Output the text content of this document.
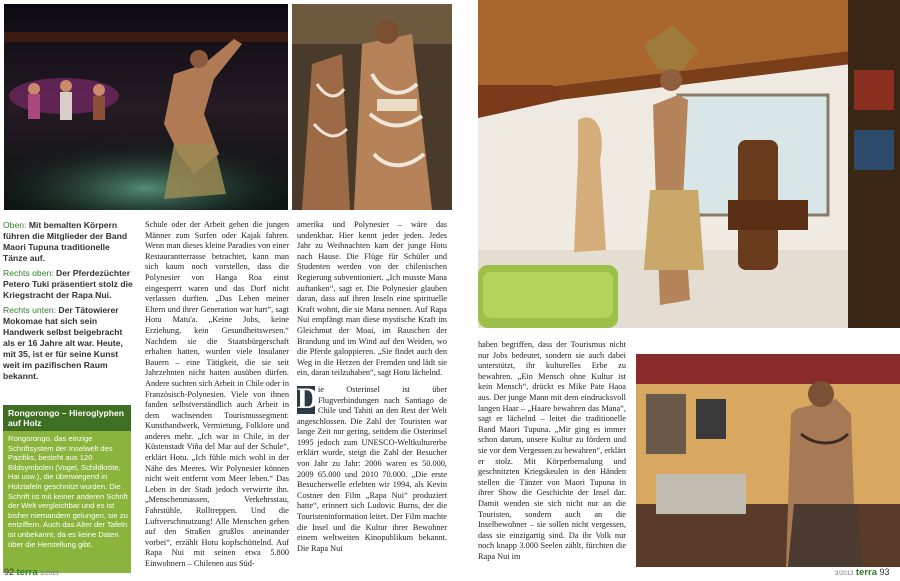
Oben: Mit bemalten Körpern führen die Mitglieder der Band Maori Tupuna traditionelle Tänze auf.

Rechts oben: Der Pferdezüchter Petero Tuki präsentiert stolz die Kriegstracht der Rapa Nui.

Rechts unten: Der Tätowierer Mokomae hat sich sein Handwerk selbst beigebracht als er 16 Jahre alt war. Heute, mit 35, ist er für seine Kunst weit im pazifischen Raum bekannt.

Rongorongo – Hieroglyphen auf Holz

Rongorongo, das einzige Schriftsystem der Inselwelt des Pazifiks, besteht aus 120 Bildsymbolen (Vogel, Schildkröte, Hai usw.), die überwiegend in Holztafeln geschnitzt wurden. Die Schrift ist mit keiner anderen Schrift der Welt vergleichbar und es ist bisher niemandem gelungen, sie zu entziffern. Auch das Alter der Tafeln ist unbekannt, da es keine Daten über die Herstellung gibt.

Schule oder der Arbeit gehen die jungen Männer zum Surfen oder Kajak fahren. Wenn man dieses kleine Paradies von einer Restaurantterrasse betrachtet, kann man sich kaum noch vorstellen, dass die Polynesier von Hanga Roa einst eingesperrt waren und das Dorf nicht verlassen durften. „Das Leben meiner Eltern und ihrer Generation war hart“, sagt Hotu Matu'a. „Keine Jobs, keine Erziehung, kein Gesundheitswesen.“ Nachdem sie die Staatsbürgerschaft erhalten hatten, wurden viele Insulaner Bauern – eine Tätigkeit, die sie seit Jahrzehnten nicht hatten ausüben dürfen. Andere suchten sich Arbeit in Chile oder in Französisch-Polynesien. Viele von ihnen fanden selbstverständlich auch Arbeit in dem wachsenden Tourismussegment: Kunsthandwerk, Vermietung, Folklore und anderes mehr. „Ich war in Chile, in der Küstenstadt Viña del Mar auf der Schule“, erklärt Hotu. „Ich fühle mich wohl in der Nähe des Meeres. Wir Polynesier können nicht weit entfernt vom Meer leben.“ Das Leben in der Stadt jedoch verwirrte ihn. „Menschenmassen, Verkehrsstau, Fahrstühle, Rolltreppen. Und die Luftverschmutzung! Alle Menschen gehen auf den Straßen grußlos aneinander vorbei“, erzählt Hotu kopfschüttelnd. Auf Rapa Nui mit seinen etwa 5.800 Einwohnern – Chilenen aus Süd-

amerika und Polynesier – wäre das undenkbar. Hier kennt jeder jeden. Jedes Jahr zu Weihnachten kam der junge Hotu nach Hause. Die Flüge für Schüler und Studenten werden von der chilenischen Regierung subventioniert. „Ich musste Mana auftanken“, sagt er. Die Polynesier glauben daran, dass auf ihren Inseln eine spirituelle Kraft wohnt, die sie Mana nennen. Auf Rapa Nui empfängt man diese mystische Kraft im Gleichmut der Moai, im Rauschen der Brandung und im Wind auf den Weiden, wo die Pferde galoppieren. „Sie findet auch den Weg in die Herzen der Fremden und lädt sie ein, daran teilzuhaben“, sagt Hotu lächelnd.

D ie Osterinsel ist über Flugverbindungen nach Santiago de Chile und Tahiti an den Rest der Welt angeschlossen. Die Zahl der Touristen war lange Zeit nur gering, seitdem die Osterinsel 1995 jedoch zum UNESCO-Weltkulturerbe erklärt wurde, steigt die Zahl der Besucher von Jahr zu Jahr: 2006 waren es 50.000, 2009 65.000 und 2010 70.000. „Die erste Besucherwelle erlebten wir 1994, als Kevin Costner den Film „Rapa Nui“ produziert hatte“, erinnert sich Ludovic Burns, der die Touristeninformation leitet. Der Film machte die Insel und die Kultur ihrer Bewohner einem weltweiten Kinopublikum bekannt. Die Rapa Nui

haben begriffen, dass der Tourismus nicht nur Jobs bedeutet, sondern sie auch dabei unterstützt, ihr kulturelles Erbe zu bewahren. „Ein Mensch ohne Kultur ist kein Mensch“, drückt es Mike Pate Haoa aus. Der junge Mann mit dem eindrucksvoll langen Haar – „Haare bewahren das Mana“, sagt er lächelnd – leitet die traditionelle Band Maori Tupuna. „Mir ging es immer schon darum, unsere Kultur zu fördern und sie vor dem Vergessen zu bewahren“, erklärt er stolz. Mit Körperbemalung und geschnitzten Kriegskeulen in den Händen stellen die Tänzer von Maori Tupuna in ihrer Show die Geschichte der Insel dar. Damit wenden sie sich nicht nur an die Touristen, sondern auch an die Inselbewohner – sie sollen nicht vergessen, dass sie einzigartig sind. Da ihr Volk nur noch knapp 3.000 Seelen zählt, fürchten die Rapa Nui im

92 terra 3/2013	3/2013 terra 93
